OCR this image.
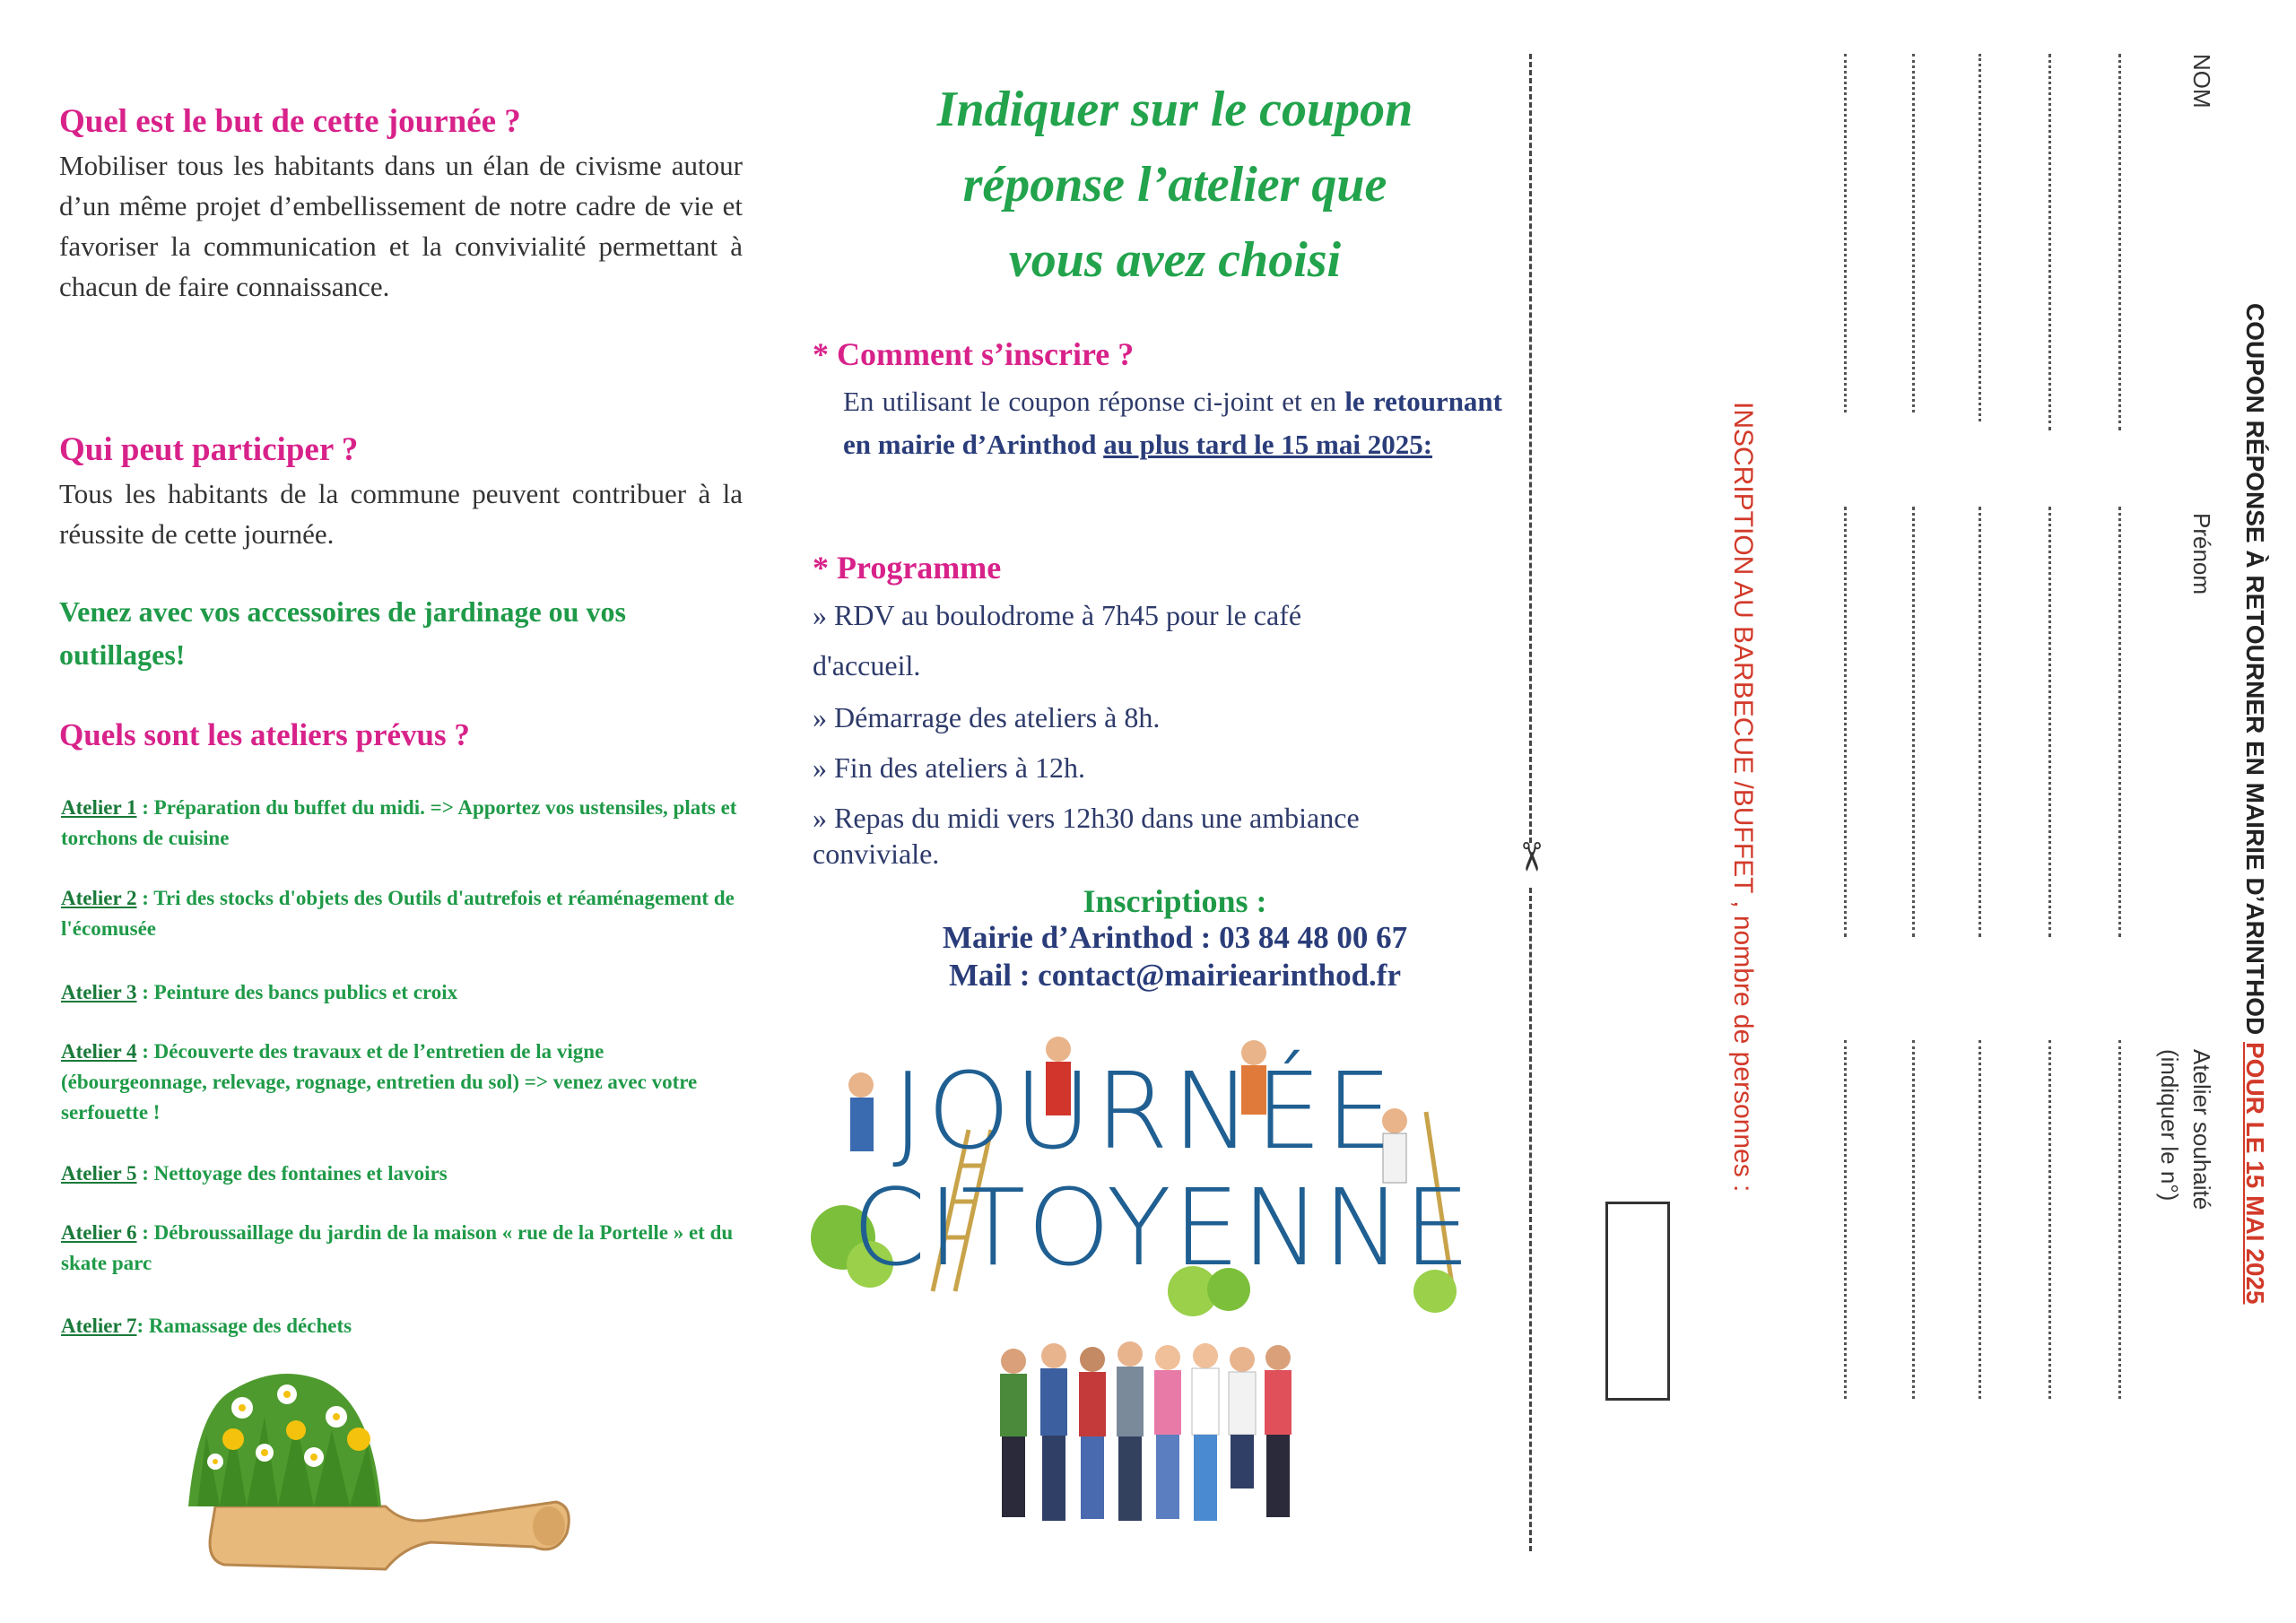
Quel est le but de cette journée ?
Mobiliser tous les habitants dans un élan de civisme autour d’un même projet d’embellissement de notre cadre de vie et favoriser la communication et la convivialité permettant à chacun de faire connaissance.
Qui peut participer ?
Tous les habitants de la commune peuvent contribuer à la réussite de cette journée.
Venez avec vos accessoires de jardinage ou vos outillages!
Quels sont les ateliers prévus ?
Atelier 1 : Préparation du buffet du midi. => Apportez vos ustensiles, plats et torchons de cuisine
Atelier 2 : Tri des stocks d'objets des Outils d'autrefois et réaménagement de l'écomusée
Atelier 3 : Peinture des bancs publics et croix
Atelier 4 : Découverte des travaux et de l’entretien de la vigne (ébourgeonnage, relevage, rognage, entretien du sol) => venez avec votre serfouette !
Atelier 5 : Nettoyage des fontaines et lavoirs
Atelier 6 : Débroussaillage du jardin de la maison « rue de la Portelle » et du skate parc
Atelier 7: Ramassage des déchets
Indiquer sur le coupon
réponse l’atelier que
vous avez choisi
* Comment s’inscrire ?
En utilisant le coupon réponse ci-joint et en le retournant en mairie d’Arinthod au plus tard le 15 mai 2025:
* Programme
» RDV au boulodrome à 7h45 pour le café
d'accueil.
» Démarrage des ateliers à 8h.
» Fin des ateliers à 12h.
» Repas du midi vers 12h30 dans une ambiance
conviviale.
Inscriptions :
Mairie d’Arinthod : 03 84 48 00 67
Mail : contact@mairiearinthod.fr
JOURNÉE
CITOYENNE
✂	INSCRIPTION AU BARBECUE /BUFFET , nombre de personnes :
NOM
Prénom
Atelier souhaité
(indiquer le n°)
COUPON RÉPONSE À RETOURNER EN MAIRIE D’ARINTHOD POUR LE 15 MAI 2025
